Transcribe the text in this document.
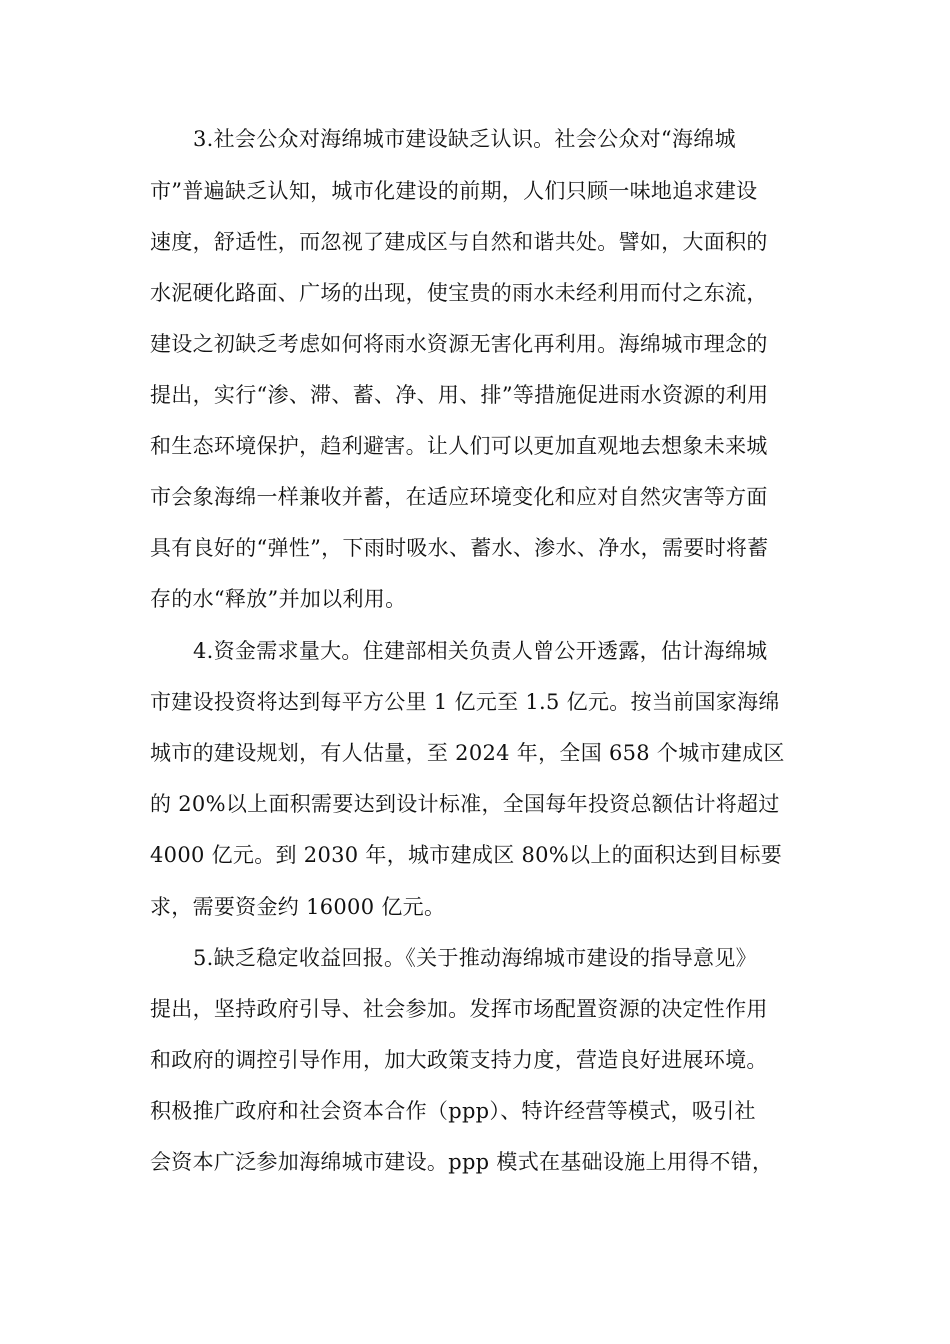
3.社会公众对海绵城市建设缺乏认识。社会公众对“海绵城
市”普遍缺乏认知，城市化建设的前期，人们只顾一味地追求建设
速度，舒适性，而忽视了建成区与自然和谐共处。譬如，大面积的
水泥硬化路面、广场的出现，使宝贵的雨水未经利用而付之东流，
建设之初缺乏考虑如何将雨水资源无害化再利用。海绵城市理念的
提出，实行“渗、滞、蓄、净、用、排”等措施促进雨水资源的利用
和生态环境保护，趋利避害。让人们可以更加直观地去想象未来城
市会象海绵一样兼收并蓄，在适应环境变化和应对自然灾害等方面
具有良好的“弹性”，下雨时吸水、蓄水、渗水、净水，需要时将蓄
存的水“释放”并加以利用。
4.资金需求量大。住建部相关负责人曾公开透露，估计海绵城
市建设投资将达到每平方公里 1 亿元至 1.5 亿元。按当前国家海绵
城市的建设规划，有人估量，至 2024 年，全国 658 个城市建成区
的 20%以上面积需要达到设计标准，全国每年投资总额估计将超过
4000 亿元。到 2030 年，城市建成区 80%以上的面积达到目标要
求，需要资金约 16000 亿元。
5.缺乏稳定收益回报。《关于推动海绵城市建设的指导意见》
提出，坚持政府引导、社会参加。发挥市场配置资源的决定性作用
和政府的调控引导作用，加大政策支持力度，营造良好进展环境。
积极推广政府和社会资本合作（ppp）、特许经营等模式，吸引社
会资本广泛参加海绵城市建设。ppp 模式在基础设施上用得不错，
